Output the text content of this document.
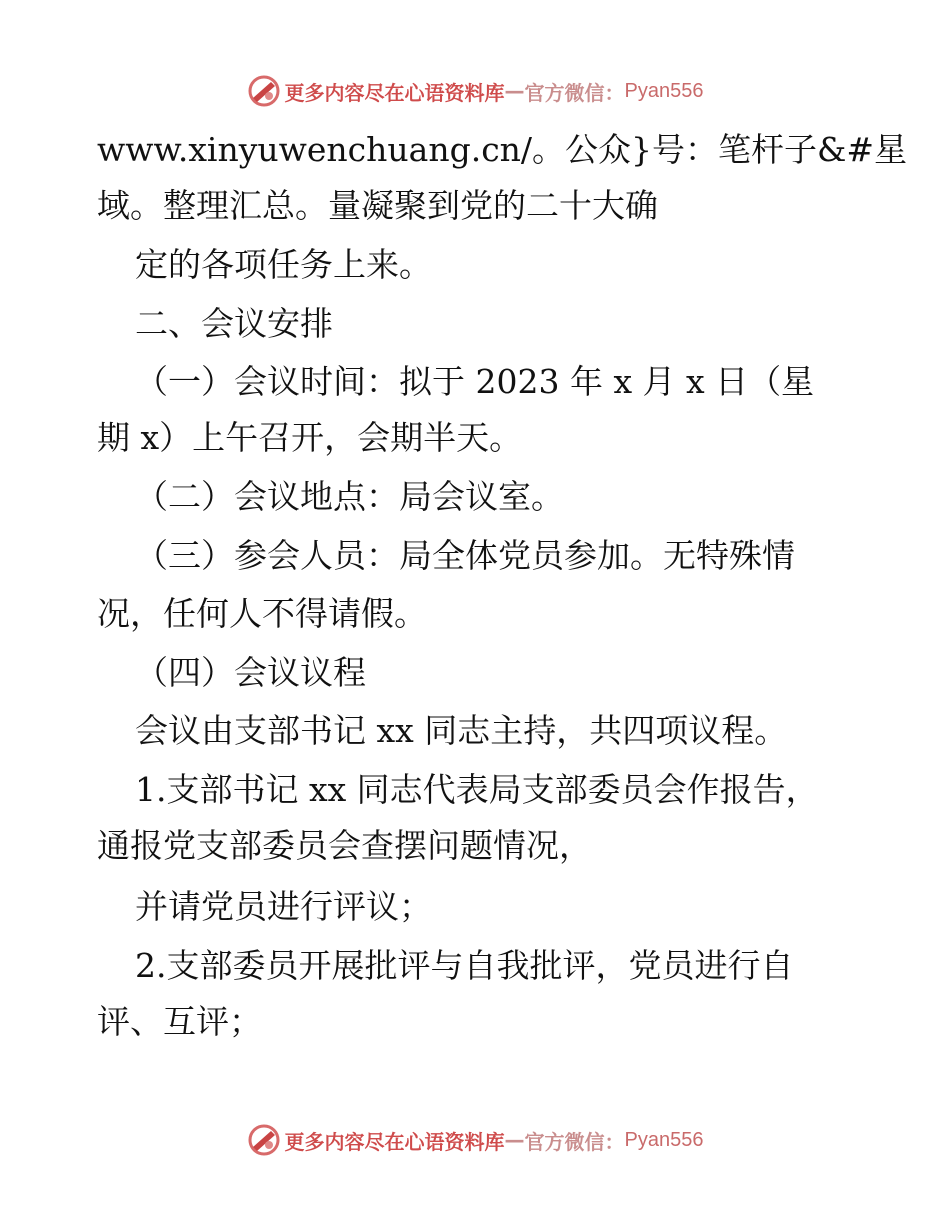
更多内容尽在心语资料库 — 官方微信： Pyan556
www.xinyuwenchuang.cn/。公众}号：笔杆子&#星
域。整理汇总。量凝聚到党的二十大确
定的各项任务上来。
二、会议安排
（一）会议时间：拟于 2023 年 x 月 x 日（星
期 x）上午召开，会期半天。
（二）会议地点：局会议室。
（三）参会人员：局全体党员参加。无特殊情
况，任何人不得请假。
（四）会议议程
会议由支部书记 xx 同志主持，共四项议程。
1.支部书记 xx 同志代表局支部委员会作报告，
通报党支部委员会查摆问题情况，
并请党员进行评议；
2.支部委员开展批评与自我批评，党员进行自
评、互评；
更多内容尽在心语资料库 — 官方微信： Pyan556
